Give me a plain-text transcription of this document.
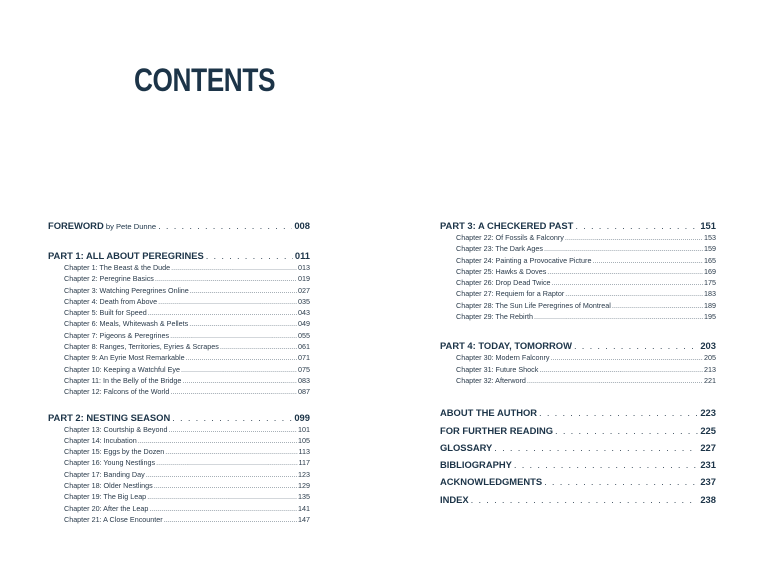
CONTENTS
FOREWORD by Pete Dunne . . .	008
PART 1: ALL ABOUT PEREGRINES . . .	011
Chapter 1: The Beast & the Dude .....	013
Chapter 2: Peregrine Basics .....	019
Chapter 3: Watching Peregrines Online .....	027
Chapter 4: Death from Above .....	035
Chapter 5: Built for Speed .....	043
Chapter 6: Meals, Whitewash & Pellets .....	049
Chapter 7: Pigeons & Peregrines .....	055
Chapter 8: Ranges, Territories, Eyries & Scrapes .....	061
Chapter 9: An Eyrie Most Remarkable .....	071
Chapter 10: Keeping a Watchful Eye .....	075
Chapter 11: In the Belly of the Bridge .....	083
Chapter 12: Falcons of the World .....	087
PART 2: NESTING SEASON . . .	099
Chapter 13: Courtship & Beyond .....	101
Chapter 14: Incubation .....	105
Chapter 15: Eggs by the Dozen .....	113
Chapter 16: Young Nestlings .....	117
Chapter 17: Banding Day .....	123
Chapter 18: Older Nestlings .....	129
Chapter 19: The Big Leap .....	135
Chapter 20: After the Leap .....	141
Chapter 21: A Close Encounter .....	147
PART 3: A CHECKERED PAST . . .	151
Chapter 22: Of Fossils & Falconry .....	153
Chapter 23: The Dark Ages .....	159
Chapter 24: Painting a Provocative Picture .....	165
Chapter 25: Hawks & Doves .....	169
Chapter 26: Drop Dead Twice .....	175
Chapter 27: Requiem for a Raptor .....	183
Chapter 28: The Sun Life Peregrines of Montreal .....	189
Chapter 29: The Rebirth .....	195
PART 4: TODAY, TOMORROW . . .	203
Chapter 30: Modern Falconry .....	205
Chapter 31: Future Shock .....	213
Chapter 32: Afterword .....	221
ABOUT THE AUTHOR . . .	223
FOR FURTHER READING . . .	225
GLOSSARY . . .	227
BIBLIOGRAPHY . . .	231
ACKNOWLEDGMENTS . . .	237
INDEX . . .	238
